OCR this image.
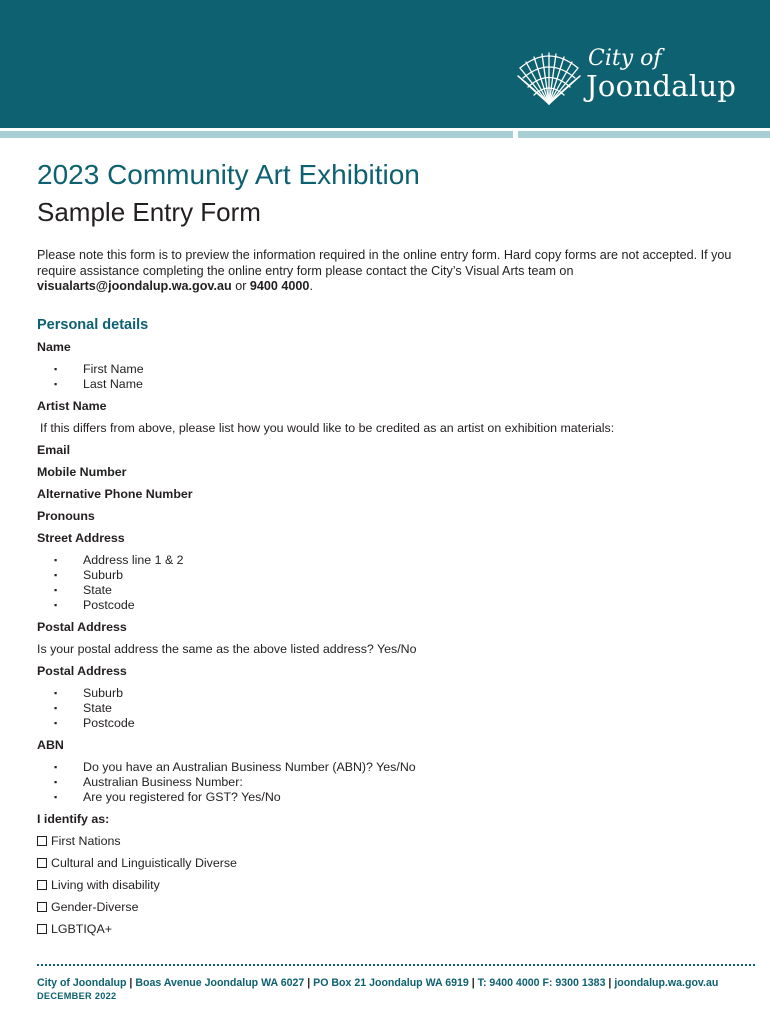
City of
Joondalup
2023 Community Art Exhibition
Sample Entry Form

Please note this form is to preview the information required in the online entry form. Hard copy forms are not accepted. If you require assistance completing the online entry form please contact the City’s Visual Arts team on visualarts@joondalup.wa.gov.au or 9400 4000.

Personal details
Name
▪ First Name
▪ Last Name
Artist Name
If this differs from above, please list how you would like to be credited as an artist on exhibition materials:
Email
Mobile Number
Alternative Phone Number
Pronouns
Street Address
▪ Address line 1 & 2
▪ Suburb
▪ State
▪ Postcode
Postal Address
Is your postal address the same as the above listed address? Yes/No
Postal Address
▪ Suburb
▪ State
▪ Postcode
ABN
▪ Do you have an Australian Business Number (ABN)? Yes/No
▪ Australian Business Number:
▪ Are you registered for GST? Yes/No
I identify as:
First Nations
Cultural and Linguistically Diverse
Living with disability
Gender-Diverse
LGBTIQA+

City of Joondalup | Boas Avenue Joondalup WA 6027 | PO Box 21 Joondalup WA 6919 | T: 9400 4000 F: 9300 1383 | joondalup.wa.gov.au

DECEMBER 2022
